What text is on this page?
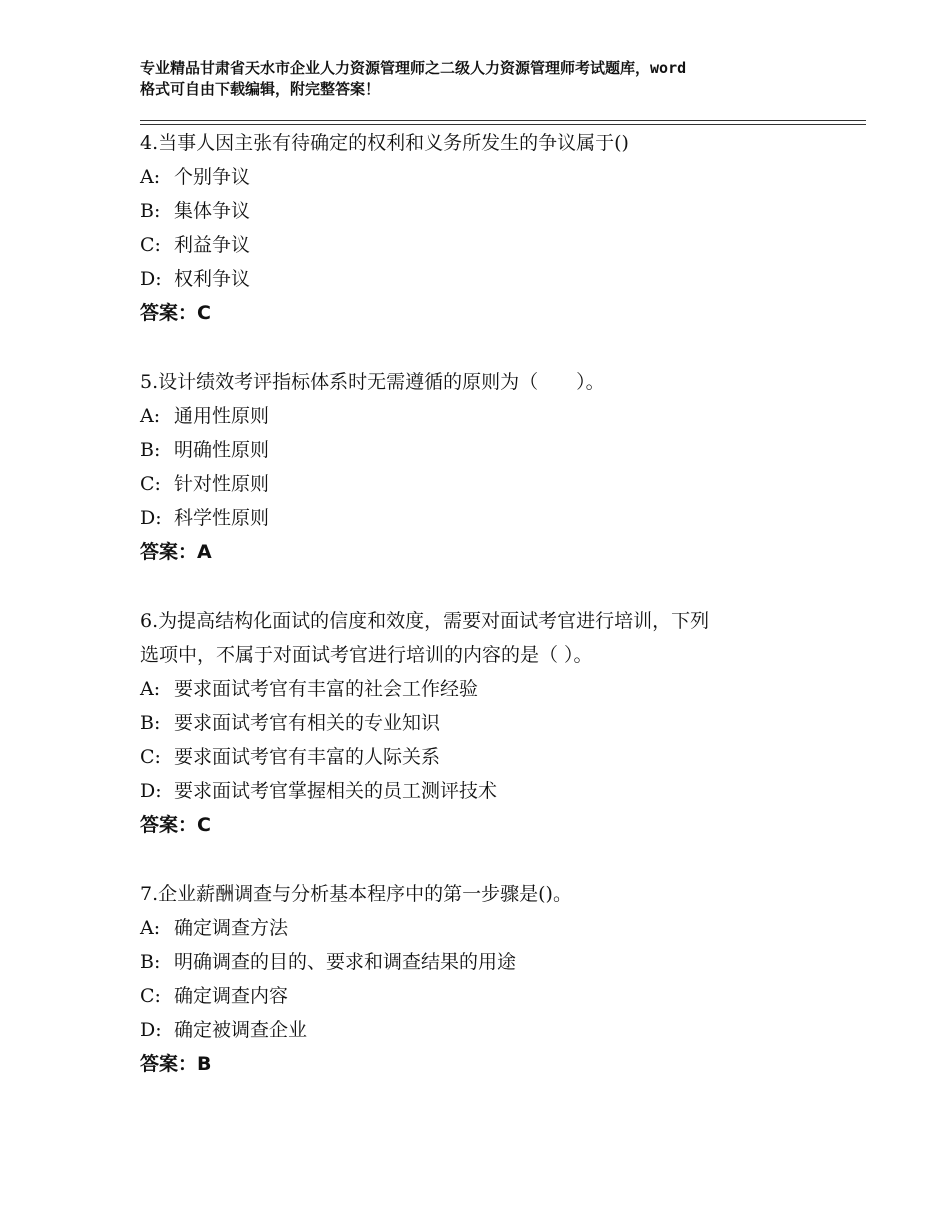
专业精品甘肃省天水市企业人力资源管理师之二级人力资源管理师考试题库，word
格式可自由下载编辑，附完整答案！
4.当事人因主张有待确定的权利和义务所发生的争议属于()
A: 个别争议
B: 集体争议
C: 利益争议
D: 权利争议
答案：C
5.设计绩效考评指标体系时无需遵循的原则为（　　）。
A: 通用性原则
B: 明确性原则
C: 针对性原则
D: 科学性原则
答案：A
6.为提高结构化面试的信度和效度，需要对面试考官进行培训，下列
选项中，不属于对面试考官进行培训的内容的是（ ）。
A: 要求面试考官有丰富的社会工作经验
B: 要求面试考官有相关的专业知识
C: 要求面试考官有丰富的人际关系
D: 要求面试考官掌握相关的员工测评技术
答案：C
7.企业薪酬调查与分析基本程序中的第一步骤是()。
A: 确定调查方法
B: 明确调查的目的、要求和调查结果的用途
C: 确定调查内容
D: 确定被调查企业
答案：B
